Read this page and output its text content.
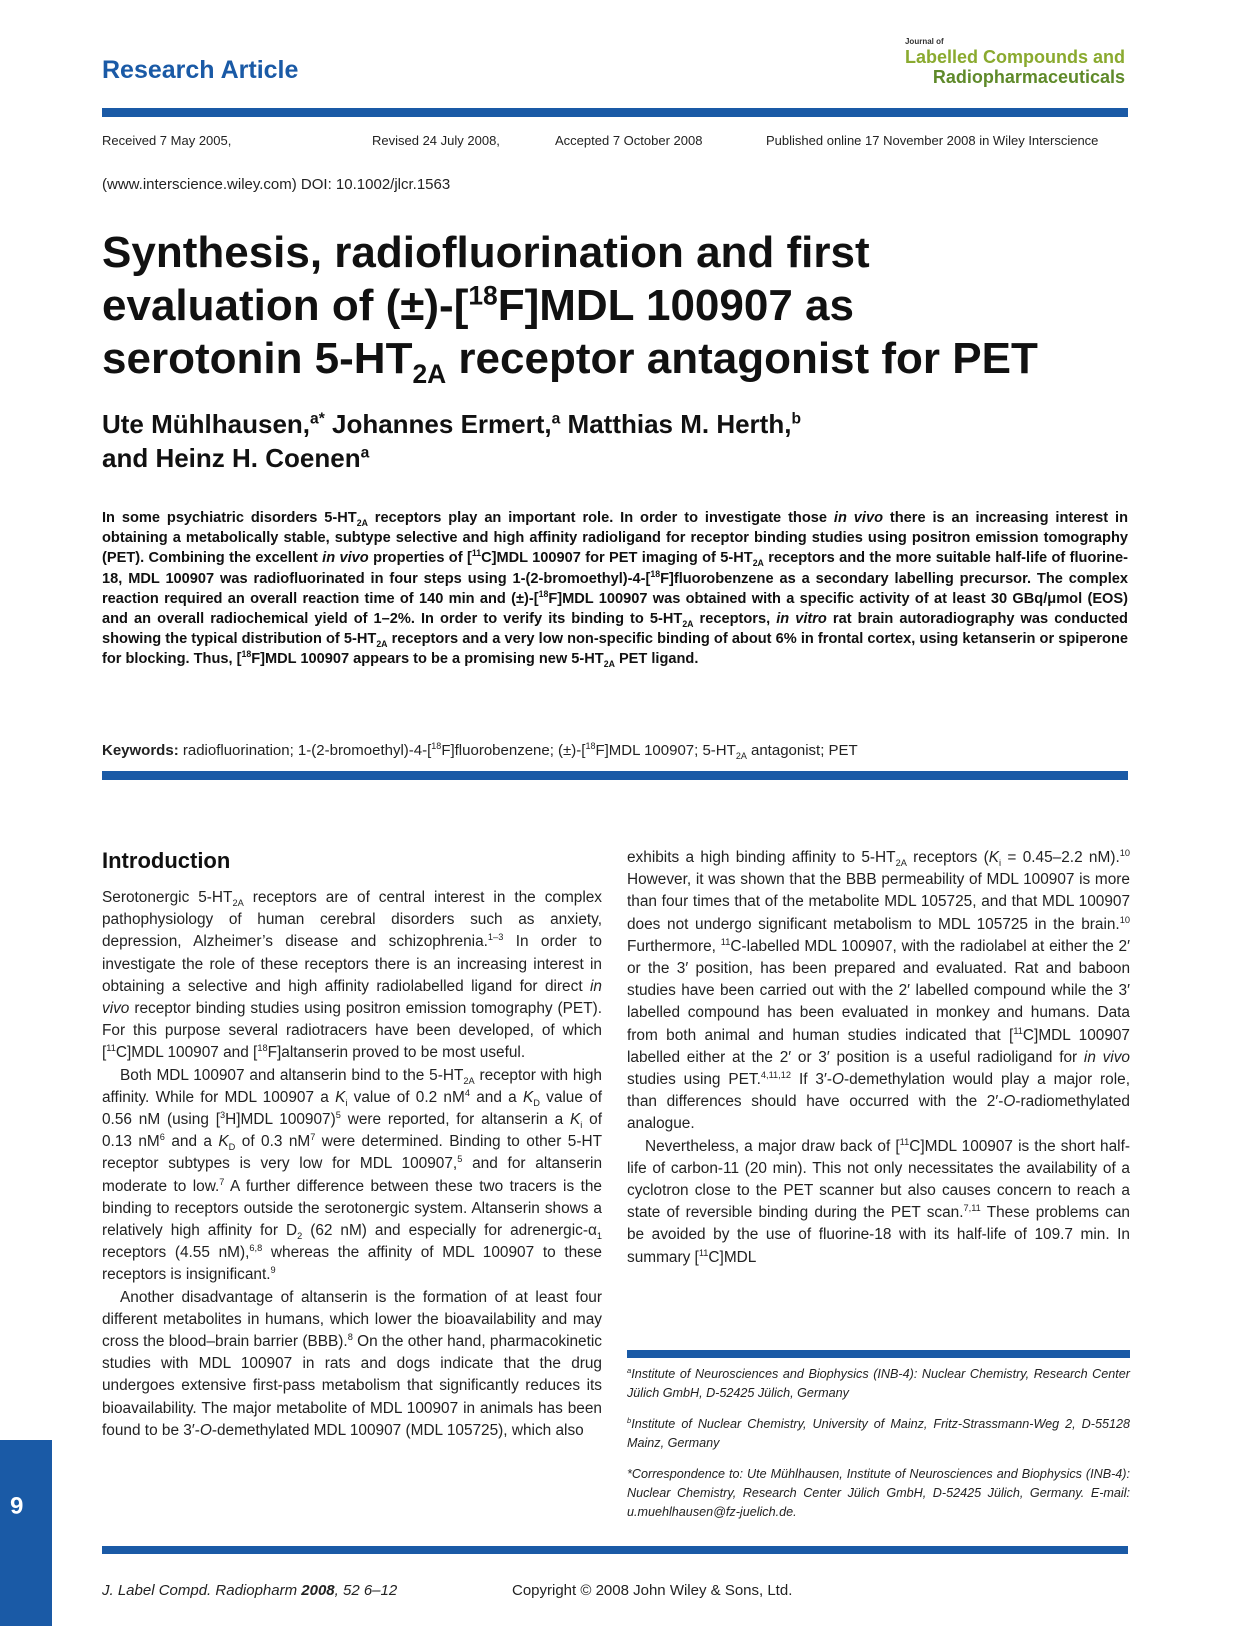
Research Article
Journal of
Labelled Compounds and
Radiopharmaceuticals
Received 7 May 2005,	Revised 24 July 2008,	Accepted 7 October 2008	Published online 17 November 2008 in Wiley Interscience
(www.interscience.wiley.com) DOI: 10.1002/jlcr.1563
Synthesis, radiofluorination and first
evaluation of (±)-[$^{18}$F]MDL 100907 as
serotonin $5-HT_{2A}$ receptor antagonist for PET
Ute Mühlhausen,$^{a*}$ Johannes Ermert,$^a$ Matthias M. Herth,$^b$
and Heinz H. Coenen$^a$
In some psychiatric disorders $5-HT_{2A}$ receptors play an important role. In order to investigate those in vivo there is an increasing interest in obtaining a metabolically stable, subtype selective and high affinity radioligand for receptor binding studies using positron emission tomography (PET). Combining the excellent in vivo properties of [$^{11}$C]MDL 100907 for PET imaging of $5-HT_{2A}$ receptors and the more suitable half-life of fluorine-18, MDL 100907 was radiofluorinated in four steps using 1-(2-bromoethyl)-4-[$^{18}$F]fluorobenzene as a secondary labelling precursor. The complex reaction required an overall reaction time of 140 min and (±)-[$^{18}$F]MDL 100907 was obtained with a specific activity of at least 30 GBq/μmol (EOS) and an overall radiochemical yield of 1–2%. In order to verify its binding to $5-HT_{2A}$ receptors, in vitro rat brain autoradiography was conducted showing the typical distribution of $5-HT_{2A}$ receptors and a very low non-specific binding of about 6% in frontal cortex, using ketanserin or spiperone for blocking. Thus, [$^{18}$F]MDL 100907 appears to be a promising new $5-HT_{2A}$ PET ligand.
Keywords: radiofluorination; 1-(2-bromoethyl)-4-[$^{18}$F]fluorobenzene; (±)-[$^{18}$F]MDL 100907; $5-HT_{2A}$ antagonist; PET
Introduction

Serotonergic $5-HT_{2A}$ receptors are of central interest in the complex pathophysiology of human cerebral disorders such as anxiety, depression, Alzheimer’s disease and schizophrenia.$^{1-3}$ In order to investigate the role of these receptors there is an increasing interest in obtaining a selective and high affinity radiolabelled ligand for direct in vivo receptor binding studies using positron emission tomography (PET). For this purpose several radiotracers have been developed, of which [$^{11}$C]MDL 100907 and [$^{18}$F]altanserin proved to be most useful.

Both MDL 100907 and altanserin bind to the $5-HT_{2A}$ receptor with high affinity. While for MDL 100907 a $K_i$ value of 0.2 $nM^4$ and a $K_D$ value of 0.56 nM (using [$^3$H]MDL 100907)$^5$ were reported, for altanserin a $K_i$ of 0.13 $nM^6$ and a $K_D$ of 0.3 $nM^7$ were determined. Binding to other 5-HT receptor subtypes is very low for MDL 100907,$^5$ and for altanserin moderate to low.$^7$ A further difference between these two tracers is the binding to receptors outside the serotonergic system. Altanserin shows a relatively high affinity for $D_2$ (62 nM) and especially for adrenergic-$\alpha_1$ receptors (4.55 nM),$^{6,8}$ whereas the affinity of MDL 100907 to these receptors is insignificant.$^9$

Another disadvantage of altanserin is the formation of at least four different metabolites in humans, which lower the bioavailability and may cross the blood–brain barrier (BBB).$^8$ On the other hand, pharmacokinetic studies with MDL 100907 in rats and dogs indicate that the drug undergoes extensive first-pass metabolism that significantly reduces its bioavailability. The major metabolite of MDL 100907 in animals has been found to be 3′-O-demethylated MDL 100907 (MDL 105725), which also

exhibits a high binding affinity to $5-HT_{2A}$ receptors ($K_i = 0.45-2.2$ nM).$^{10}$ However, it was shown that the BBB permeability of MDL 100907 is more than four times that of the metabolite MDL 105725, and that MDL 100907 does not undergo significant metabolism to MDL 105725 in the brain.$^{10}$ Furthermore, $^{11}$C-labelled MDL 100907, with the radiolabel at either the 2′ or the 3′ position, has been prepared and evaluated. Rat and baboon studies have been carried out with the 2′ labelled compound while the 3′ labelled compound has been evaluated in monkey and humans. Data from both animal and human studies indicated that [$^{11}$C]MDL 100907 labelled either at the 2′ or 3′ position is a useful radioligand for in vivo studies using PET.$^{4,11,12}$ If 3′-O-demethylation would play a major role, than differences should have occurred with the 2′-O-radiomethylated analogue.

Nevertheless, a major draw back of [$^{11}$C]MDL 100907 is the short half-life of carbon-11 (20 min). This not only necessitates the availability of a cyclotron close to the PET scanner but also causes concern to reach a state of reversible binding during the PET scan.$^{7,11}$ These problems can be avoided by the use of fluorine-18 with its half-life of 109.7 min. In summary [$^{11}$C]MDL

$^a$Institute of Neurosciences and Biophysics (INB-4): Nuclear Chemistry, Research Center Jülich GmbH, D-52425 Jülich, Germany

$^b$Institute of Nuclear Chemistry, University of Mainz, Fritz-Strassmann-Weg 2, D-55128 Mainz, Germany

*Correspondence to: Ute Mühlhausen, Institute of Neurosciences and Biophysics (INB-4): Nuclear Chemistry, Research Center Jülich GmbH, D-52425 Jülich, Germany. E-mail: u.muehlhausen@fz-juelich.de.

6
J. Label Compd. Radiopharm 2008, 52 6–12	Copyright © 2008 John Wiley & Sons, Ltd.
